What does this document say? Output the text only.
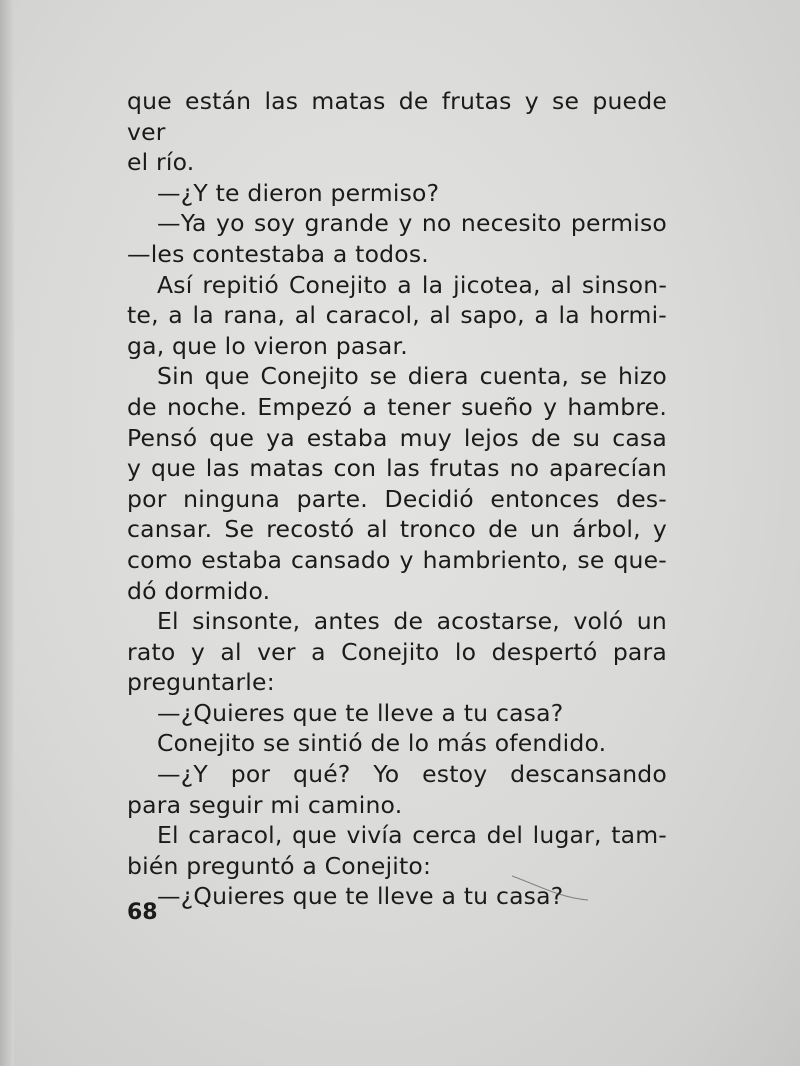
que están las matas de frutas y se puede ver
el río.
—¿Y te dieron permiso?
—Ya yo soy grande y no necesito permiso
—les contestaba a todos.
Así repitió Conejito a la jicotea, al sinson-
te, a la rana, al caracol, al sapo, a la hormi-
ga, que lo vieron pasar.
Sin que Conejito se diera cuenta, se hizo
de noche. Empezó a tener sueño y hambre.
Pensó que ya estaba muy lejos de su casa
y que las matas con las frutas no aparecían
por ninguna parte. Decidió entonces des-
cansar. Se recostó al tronco de un árbol, y
como estaba cansado y hambriento, se que-
dó dormido.
El sinsonte, antes de acostarse, voló un
rato y al ver a Conejito lo despertó para
preguntarle:
—¿Quieres que te lleve a tu casa?
Conejito se sintió de lo más ofendido.
—¿Y por qué? Yo estoy descansando
para seguir mi camino.
El caracol, que vivía cerca del lugar, tam-
bién preguntó a Conejito:
—¿Quieres que te lleve a tu casa?
68
